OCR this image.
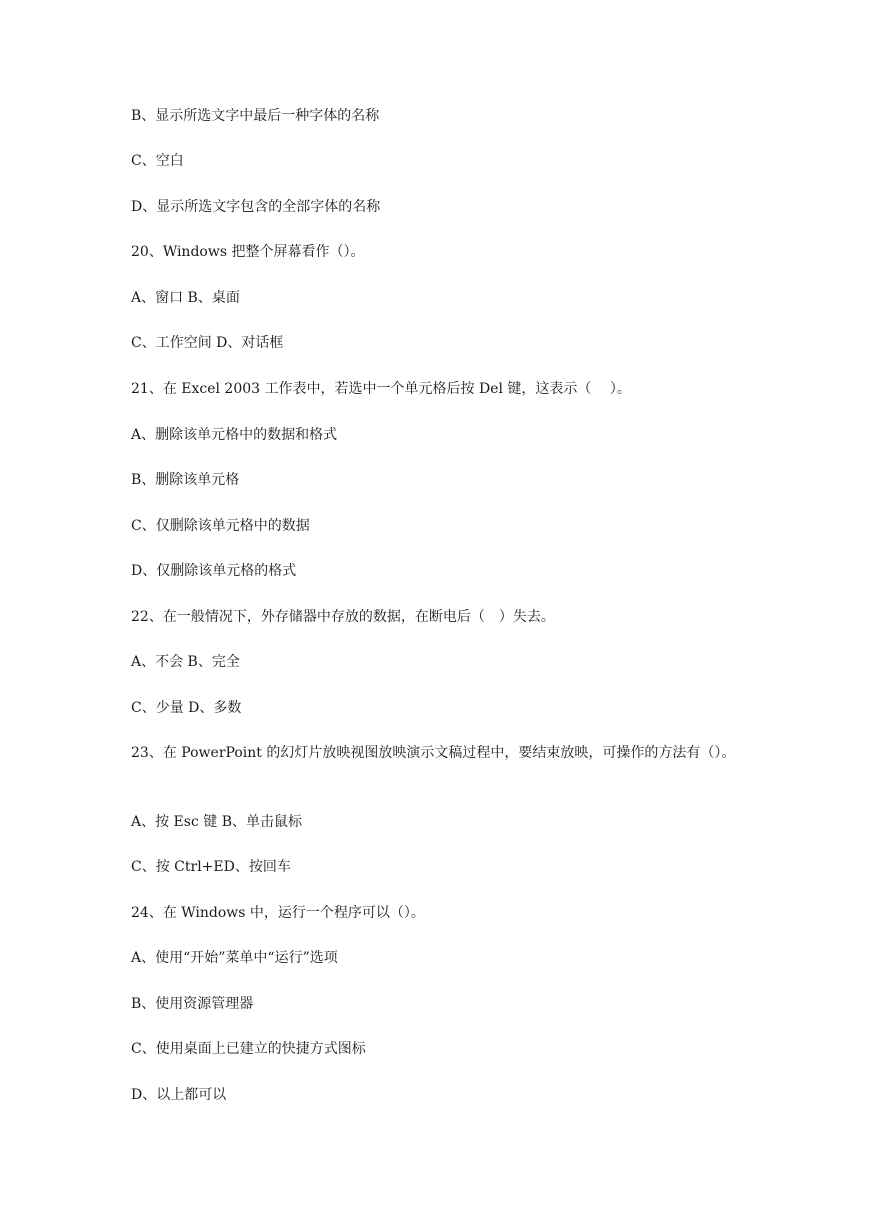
B、显示所选文字中最后一种字体的名称

C、空白

D、显示所选文字包含的全部字体的名称

20、Windows 把整个屏幕看作（）。

A、窗口 B、桌面

C、工作空间 D、对话框

21、在 Excel 2003 工作表中，若选中一个单元格后按 Del 键，这表示（　 ）。

A、删除该单元格中的数据和格式

B、删除该单元格

C、仅删除该单元格中的数据

D、仅删除该单元格的格式

22、在一般情况下，外存储器中存放的数据，在断电后（　）失去。

A、不会 B、完全

C、少量 D、多数

23、在 PowerPoint 的幻灯片放映视图放映演示文稿过程中，要结束放映，可操作的方法有（）。

A、按 Esc 键 B、单击鼠标

C、按 Ctrl+ED、按回车

24、在 Windows 中，运行一个程序可以（）。

A、使用“开始”菜单中“运行”选项

B、使用资源管理器

C、使用桌面上已建立的快捷方式图标

D、以上都可以
